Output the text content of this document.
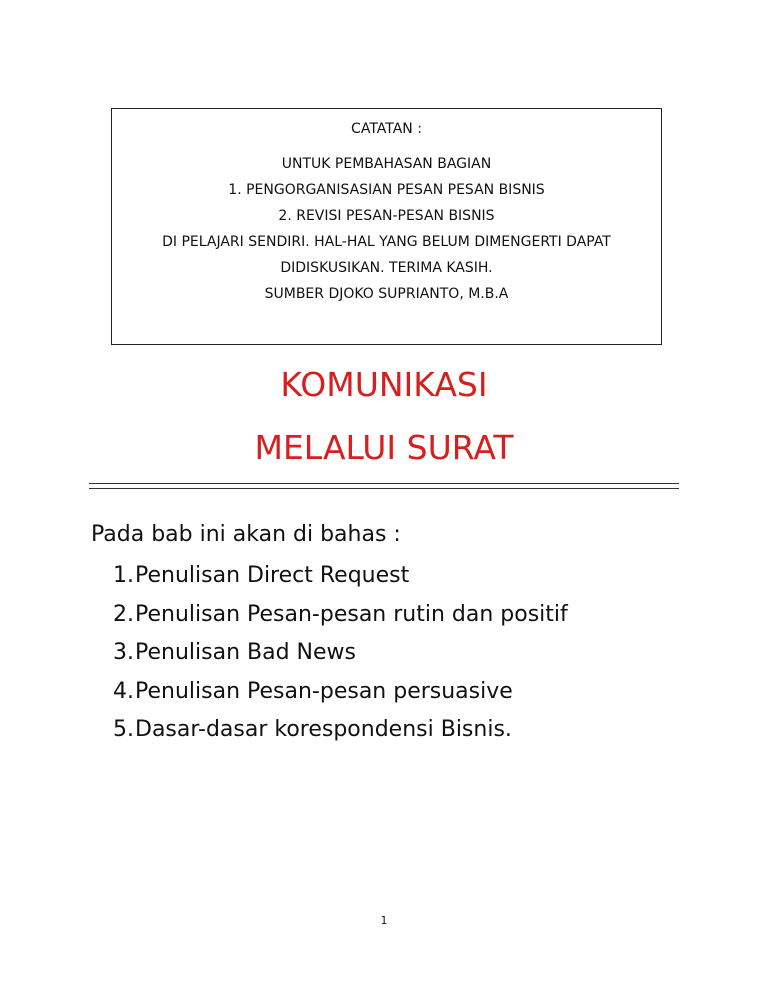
CATATAN :
UNTUK PEMBAHASAN BAGIAN
1. PENGORGANISASIAN PESAN PESAN BISNIS
2. REVISI PESAN-PESAN BISNIS
DI PELAJARI SENDIRI. HAL-HAL YANG BELUM DIMENGERTI DAPAT
DIDISKUSIKAN. TERIMA KASIH.
SUMBER DJOKO SUPRIANTO, M.B.A
KOMUNIKASI
MELALUI SURAT
Pada bab ini akan di bahas :
1.Penulisan Direct Request
2.Penulisan Pesan-pesan rutin dan positif
3.Penulisan Bad News
4.Penulisan Pesan-pesan persuasive
5.Dasar-dasar korespondensi Bisnis.
1
